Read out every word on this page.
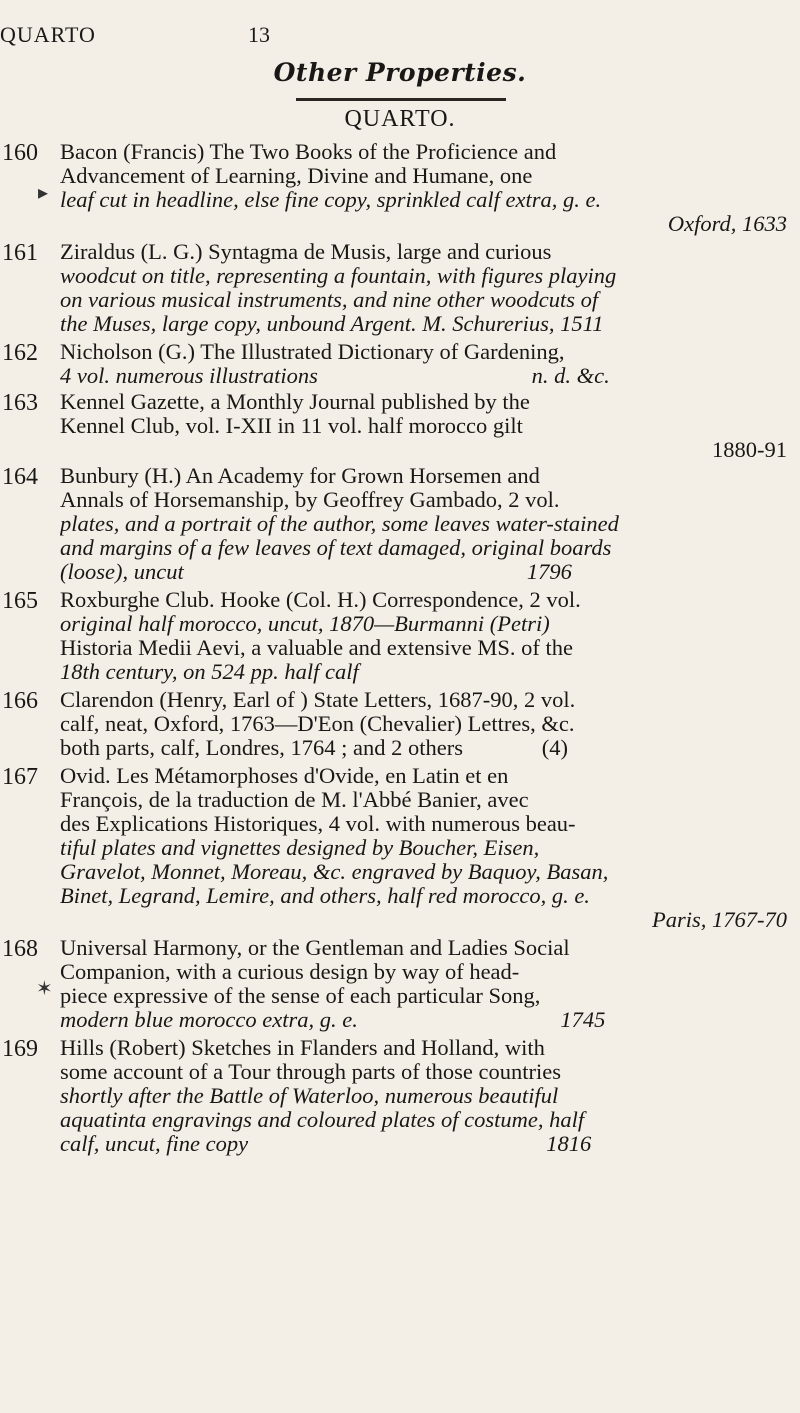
QUARTO	13
Other Properties.
QUARTO.
▸
✶
160 Bacon (Francis) The Two Books of the Proficience and
Advancement of Learning, Divine and Humane, one
leaf cut in headline, else fine copy, sprinkled calf extra, g. e.
Oxford, 1633
161 Ziraldus (L. G.) Syntagma de Musis, large and curious
woodcut on title, representing a fountain, with figures playing
on various musical instruments, and nine other woodcuts of
the Muses, large copy, unbound Argent. M. Schurerius, 1511
162 Nicholson (G.) The Illustrated Dictionary of Gardening,
4 vol. numerous illustrations                                      n. d. &c.
163 Kennel Gazette, a Monthly Journal published by the
Kennel Club, vol. I-XII in 11 vol. half morocco gilt
1880-91
164 Bunbury (H.) An Academy for Grown Horsemen and
Annals of Horsemanship, by Geoffrey Gambado, 2 vol.
plates, and a portrait of the author, some leaves water-stained
and margins of a few leaves of text damaged, original boards
(loose), uncut                                                             1796
165 Roxburghe Club. Hooke (Col. H.) Correspondence, 2 vol.
original half morocco, uncut, 1870—Burmanni (Petri)
Historia Medii Aevi, a valuable and extensive MS. of the
18th century, on 524 pp. half calf
166 Clarendon (Henry, Earl of ) State Letters, 1687-90, 2 vol.
calf, neat, Oxford, 1763—D'Eon (Chevalier) Lettres, &c.
both parts, calf, Londres, 1764 ; and 2 others              (4)
167 Ovid. Les Métamorphoses d'Ovide, en Latin et en
François, de la traduction de M. l'Abbé Banier, avec
des Explications Historiques, 4 vol. with numerous beau-
tiful plates and vignettes designed by Boucher, Eisen,
Gravelot, Monnet, Moreau, &c. engraved by Baquoy, Basan,
Binet, Legrand, Lemire, and others, half red morocco, g. e.
Paris, 1767-70
168 Universal Harmony, or the Gentleman and Ladies Social
Companion, with a curious design by way of head-
piece expressive of the sense of each particular Song,
modern blue morocco extra, g. e.                                    1745
169 Hills (Robert) Sketches in Flanders and Holland, with
some account of a Tour through parts of those countries
shortly after the Battle of Waterloo, numerous beautiful
aquatinta engravings and coloured plates of costume, half
calf, uncut, fine copy                                                     1816
